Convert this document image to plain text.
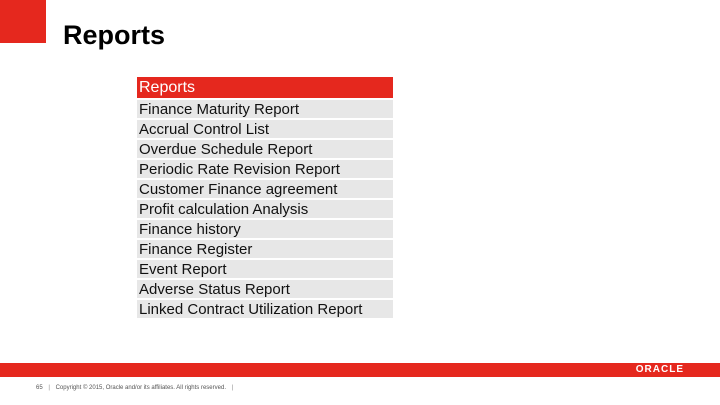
Reports
Reports
Finance Maturity Report
Accrual Control List
Overdue Schedule Report
Periodic Rate Revision Report
Customer Finance agreement
Profit calculation Analysis
Finance history
Finance Register
Event Report
Adverse Status Report
Linked Contract Utilization Report
ORACLE
65 | Copyright © 2015, Oracle and/or its affiliates. All rights reserved. |
